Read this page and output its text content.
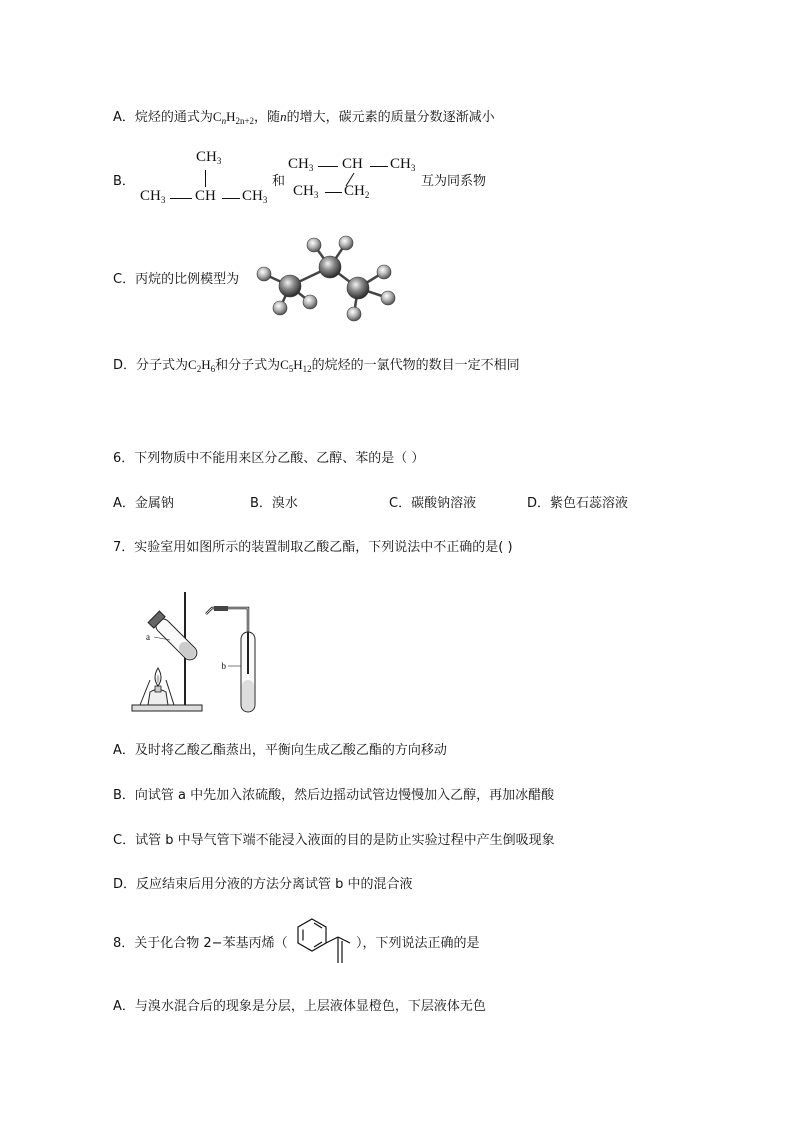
A．烷烃的通式为$C_nH_{2n+2}$，随n的增大，碳元素的质量分数逐渐减小
B．
$CH_3$
$CH_3$ CH $CH_3$
和
$CH_3$ CH $CH_3$
$CH_3$ $CH_2$
互为同系物
C．丙烷的比例模型为
D．分子式为$C_2H_6$和分子式为$C_5H_{12}$的烷烃的一氯代物的数目一定不相同
6．下列物质中不能用来区分乙酸、乙醇、苯的是（ ）
A．金属钠	B．溴水	C．碳酸钠溶液	D．紫色石蕊溶液
7．实验室用如图所示的装置制取乙酸乙酯，下列说法中不正确的是( )
a
b
A．及时将乙酸乙酯蒸出，平衡向生成乙酸乙酯的方向移动
B．向试管 a 中先加入浓硫酸，然后边摇动试管边慢慢加入乙醇，再加冰醋酸
C．试管 b 中导气管下端不能浸入液面的目的是防止实验过程中产生倒吸现象
D．反应结束后用分液的方法分离试管 b 中的混合液
8．关于化合物 2−苯基丙烯（	），下列说法正确的是
A．与溴水混合后的现象是分层，上层液体显橙色，下层液体无色
